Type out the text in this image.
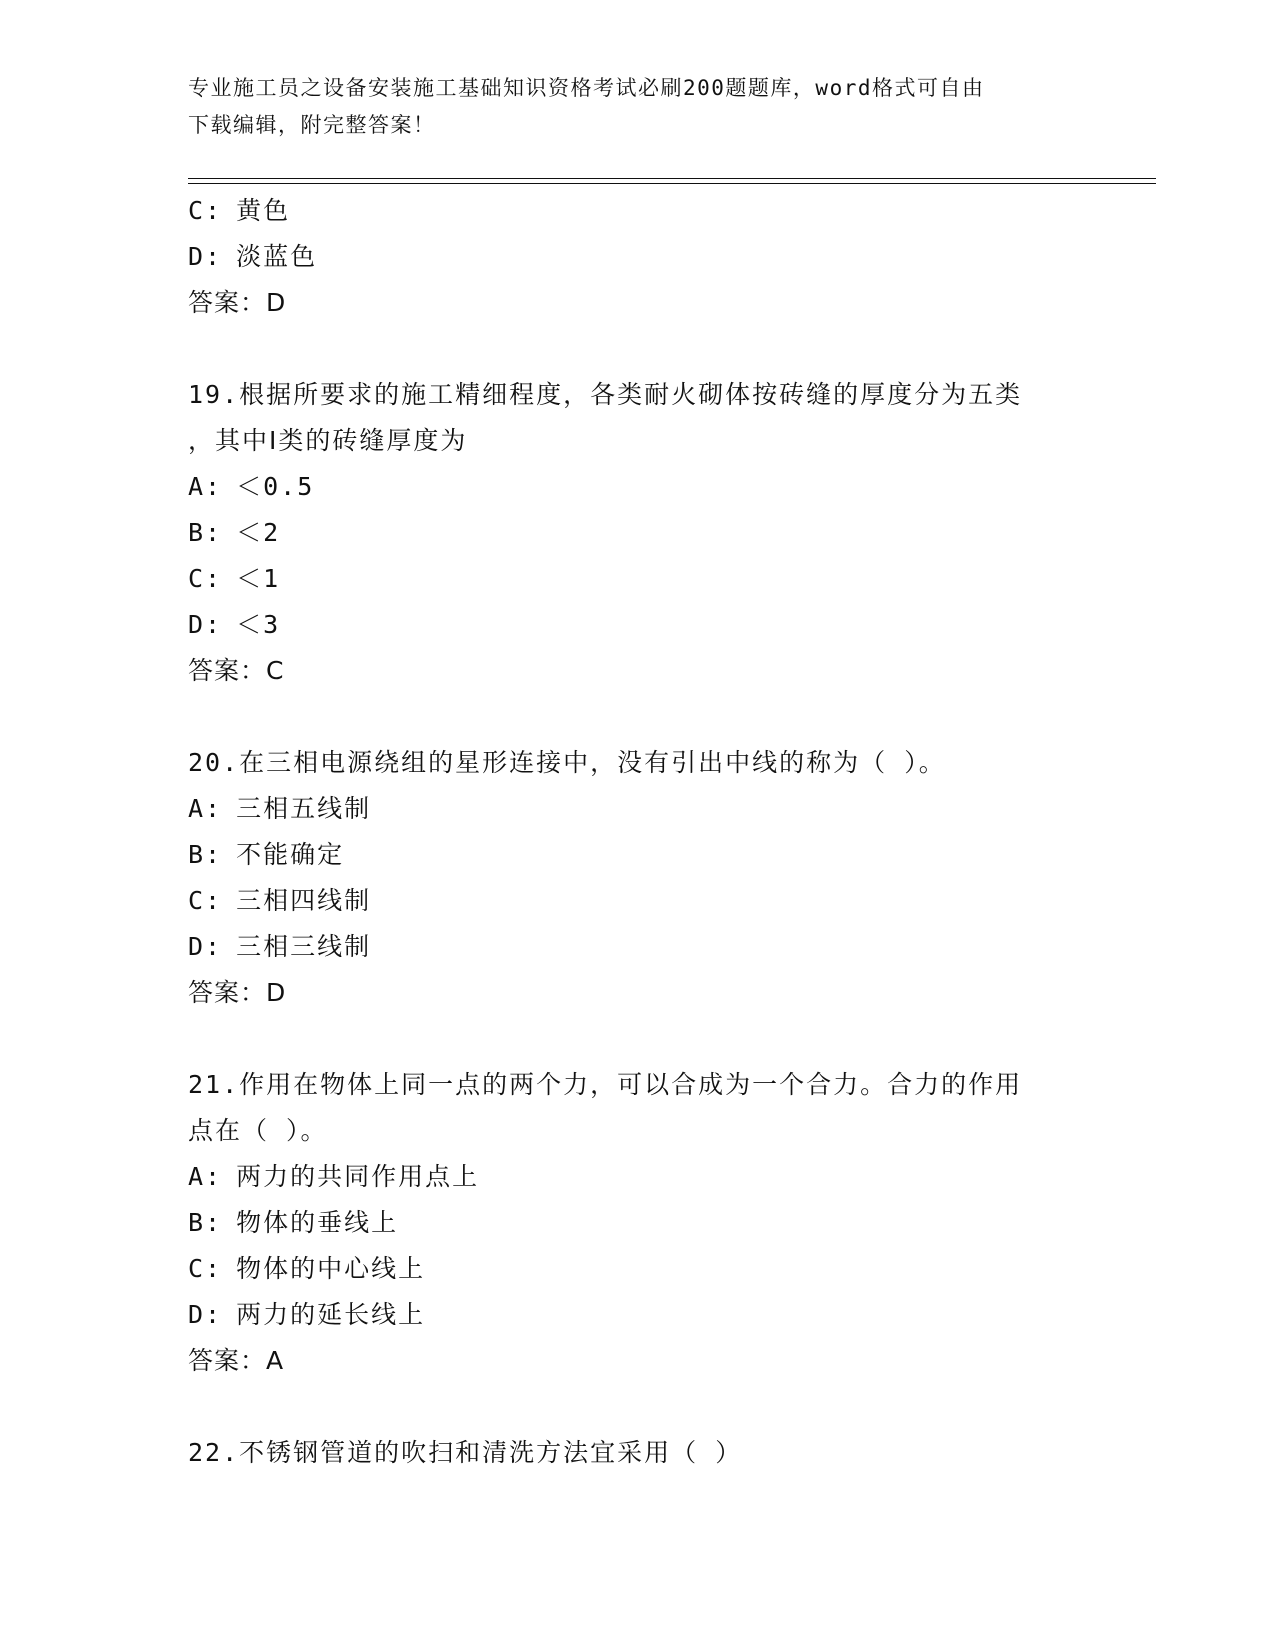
专业施工员之设备安装施工基础知识资格考试必刷200题题库，word格式可自由
下载编辑，附完整答案！
C: 黄色
D: 淡蓝色
答案：D
19.根据所要求的施工精细程度，各类耐火砌体按砖缝的厚度分为五类
，其中Ⅰ类的砖缝厚度为
A: ＜0.5
B: ＜2
C: ＜1
D: ＜3
答案：C
20.在三相电源绕组的星形连接中，没有引出中线的称为（ ）。
A: 三相五线制
B: 不能确定
C: 三相四线制
D: 三相三线制
答案：D
21.作用在物体上同一点的两个力，可以合成为一个合力。合力的作用
点在（ ）。
A: 两力的共同作用点上
B: 物体的垂线上
C: 物体的中心线上
D: 两力的延长线上
答案：A
22.不锈钢管道的吹扫和清洗方法宜采用（ ）
